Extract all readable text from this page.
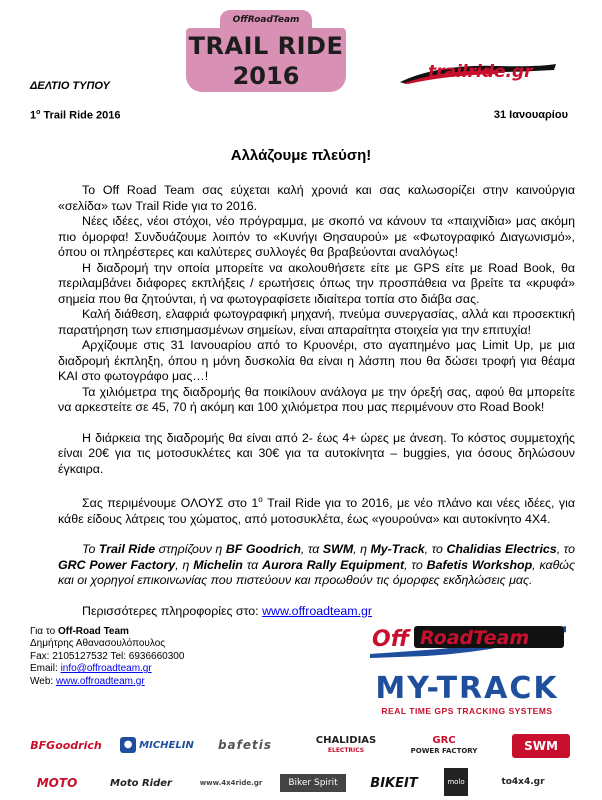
OffRoadTeam
TRAIL RIDE
2016	trailride.gr
ΔΕΛΤΙΟ ΤΥΠΟΥ
$1^o$ Trail Ride 2016	31 Ιανουαρίου
Αλλάζουμε πλεύση!

Το Off Road Team σας εύχεται καλή χρονιά και σας καλωσορίζει στην καινούργια «σελίδα» των Trail Ride για το 2016.

Νέες ιδέες, νέοι στόχοι, νέο πρόγραμμα, με σκοπό να κάνουν τα «παιχνίδια» μας ακόμη πιο όμορφα! Συνδυάζουμε λοιπόν το «Κυνήγι Θησαυρού» με «Φωτογραφικό Διαγωνισμό», όπου οι πληρέστερες και καλύτερες συλλογές θα βραβεύονται αναλόγως!

Η διαδρομή την οποία μπορείτε να ακολουθήσετε είτε με GPS είτε με Road Book, θα περιλαμβάνει διάφορες εκπλήξεις / ερωτήσεις όπως την προσπάθεια να βρείτε τα «κρυφά» σημεία που θα ζητούνται, ή να φωτογραφίσετε ιδιαίτερα τοπία στο διάβα σας.

Καλή διάθεση, ελαφριά φωτογραφική μηχανή, πνεύμα συνεργασίας, αλλά και προσεκτική παρατήρηση των επισημασμένων σημείων, είναι απαραίτητα στοιχεία για την επιτυχία!

Αρχίζουμε στις 31 Ιανουαρίου από το Κρυονέρι, στο αγαπημένο μας Limit Up, με μια διαδρομή έκπληξη, όπου η μόνη δυσκολία θα είναι η λάσπη που θα δώσει τροφή για θέαμα ΚΑΙ στο φωτογράφο μας…!

Τα χιλιόμετρα της διαδρομής θα ποικίλουν ανάλογα με την όρεξή σας, αφού θα μπορείτε να αρκεστείτε σε 45, 70 ή ακόμη και 100 χιλιόμετρα που μας περιμένουν στο Road Book!

Η διάρκεια της διαδρομής θα είναι από 2- έως 4+ ώρες με άνεση. Το κόστος συμμετοχής είναι 20€ για τις μοτοσυκλέτες και 30€ για τα αυτοκίνητα – buggies, για όσους δηλώσουν έγκαιρα.

Σας περιμένουμε ΟΛΟΥΣ στο $1^o$ Trail Ride για το 2016, με νέο πλάνο και νέες ιδέες, για κάθε είδους λάτρεις του χώματος, από μοτοσυκλέτα, έως «γουρούνα» και αυτοκίνητο 4Χ4.

Το Trail Ride στηρίζουν η BF Goodrich, τα SWM, η My-Track, το Chalidias Electrics, το GRC Power Factory, η Michelin τα Aurora Rally Equipment, το Bafetis Workshop, καθώς και οι χορηγοί επικοινωνίας που πιστεύουν και προωθούν τις όμορφες εκδηλώσεις μας.

Περισσότερες πληροφορίες στο: www.offroadteam.gr

Για το Off-Road Team
Δημήτρης Αθανασουλόπουλος
Fax: 2105127532 Tel: 6936660300
Email: info@offroadteam.gr
Web: www.offroadteam.gr
Off RoadTeam
MY-TRACK
REAL TIME GPS TRACKING SYSTEMS
BFGoodrich	● MICHELIN	bafetis	CHALIDIAS
ELECTRICS
GRC
POWER FACTORY	SWM
MOTO	Moto Rider	www.4x4ride.gr	Biker Spirit	BIKEIT	molo	to4x4.gr
